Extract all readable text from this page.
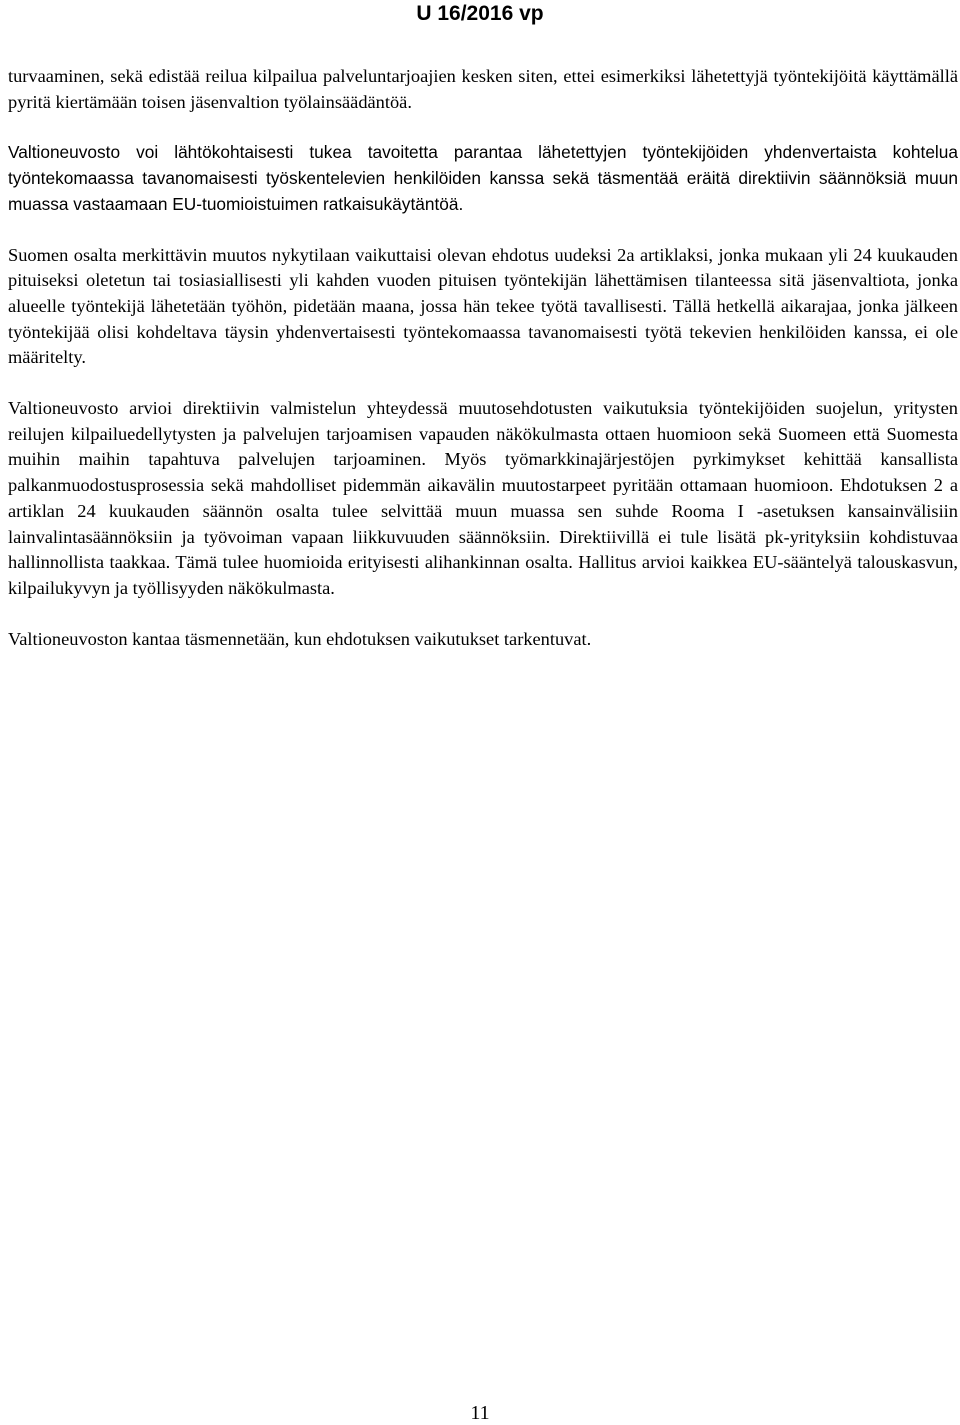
U 16/2016 vp

turvaaminen, sekä edistää reilua kilpailua palveluntarjoajien kesken siten, ettei esimerkiksi lähetettyjä työntekijöitä käyttämällä pyritä kiertämään toisen jäsenvaltion työlainsäädäntöä.

Valtioneuvosto voi lähtökohtaisesti tukea tavoitetta parantaa lähetettyjen työntekijöiden yhdenvertaista kohtelua työntekomaassa tavanomaisesti työskentelevien henkilöiden kanssa sekä täsmentää eräitä direktiivin säännöksiä muun muassa vastaamaan EU-tuomioistuimen ratkaisukäytäntöä.

Suomen osalta merkittävin muutos nykytilaan vaikuttaisi olevan ehdotus uudeksi 2a artiklaksi, jonka mukaan yli 24 kuukauden pituiseksi oletetun tai tosiasiallisesti yli kahden vuoden pituisen työntekijän lähettämisen tilanteessa sitä jäsenvaltiota, jonka alueelle työntekijä lähetetään työhön, pidetään maana, jossa hän tekee työtä tavallisesti. Tällä hetkellä aikarajaa, jonka jälkeen työntekijää olisi kohdeltava täysin yhdenvertaisesti työntekomaassa tavanomaisesti työtä tekevien henkilöiden kanssa, ei ole määritelty.

Valtioneuvosto arvioi direktiivin valmistelun yhteydessä muutosehdotusten vaikutuksia työntekijöiden suojelun, yritysten reilujen kilpailuedellytysten ja palvelujen tarjoamisen vapauden näkökulmasta ottaen huomioon sekä Suomeen että Suomesta muihin maihin tapahtuva palvelujen tarjoaminen. Myös työmarkkinajärjestöjen pyrkimykset kehittää kansallista palkanmuodostusprosessia sekä mahdolliset pidemmän aikavälin muutostarpeet pyritään ottamaan huomioon. Ehdotuksen 2 a artiklan 24 kuukauden säännön osalta tulee selvittää muun muassa sen suhde Rooma I -asetuksen kansainvälisiin lainvalintasäännöksiin ja työvoiman vapaan liikkuvuuden säännöksiin. Direktiivillä ei tule lisätä pk-yrityksiin kohdistuvaa hallinnollista taakkaa. Tämä tulee huomioida erityisesti alihankinnan osalta. Hallitus arvioi kaikkea EU-sääntelyä talouskasvun, kilpailukyvyn ja työllisyyden näkökulmasta.

Valtioneuvoston kantaa täsmennetään, kun ehdotuksen vaikutukset tarkentuvat.

11
